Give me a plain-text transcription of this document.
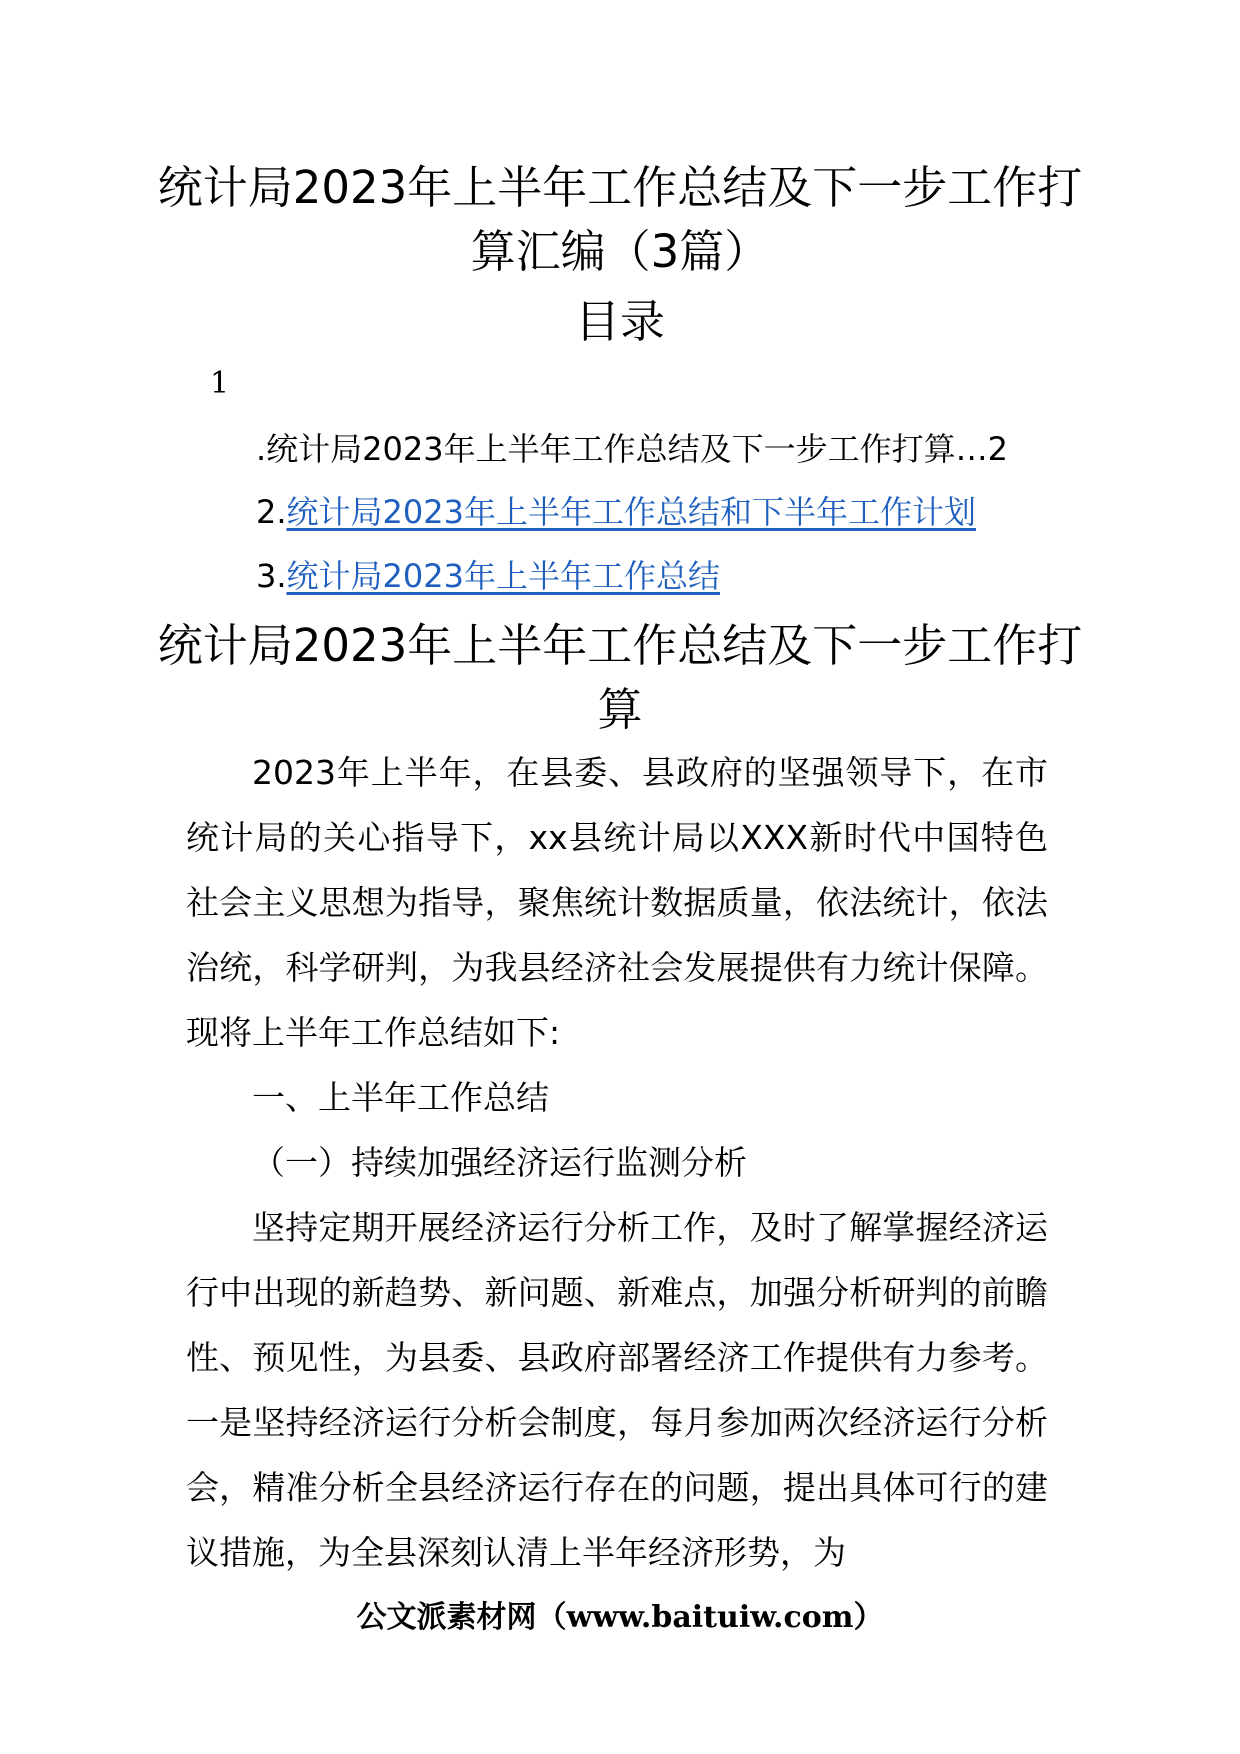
统计局2023年上半年工作总结及下一步工作打算汇编（3篇）
目录
1
.统计局2023年上半年工作总结及下一步工作打算…2
2.统计局2023年上半年工作总结和下半年工作计划
3.统计局2023年上半年工作总结
统计局2023年上半年工作总结及下一步工作打算

2023年上半年，在县委、县政府的坚强领导下，在市统计局的关心指导下，xx县统计局以XXX新时代中国特色社会主义思想为指导，聚焦统计数据质量，依法统计，依法治统，科学研判，为我县经济社会发展提供有力统计保障。现将上半年工作总结如下:

一、上半年工作总结

（一）持续加强经济运行监测分析

坚持定期开展经济运行分析工作，及时了解掌握经济运行中出现的新趋势、新问题、新难点，加强分析研判的前瞻性、预见性，为县委、县政府部署经济工作提供有力参考。一是坚持经济运行分析会制度，每月参加两次经济运行分析会，精准分析全县经济运行存在的问题，提出具体可行的建议措施，为全县深刻认清上半年经济形势，为

公文派素材网（www.baituiw.com）
